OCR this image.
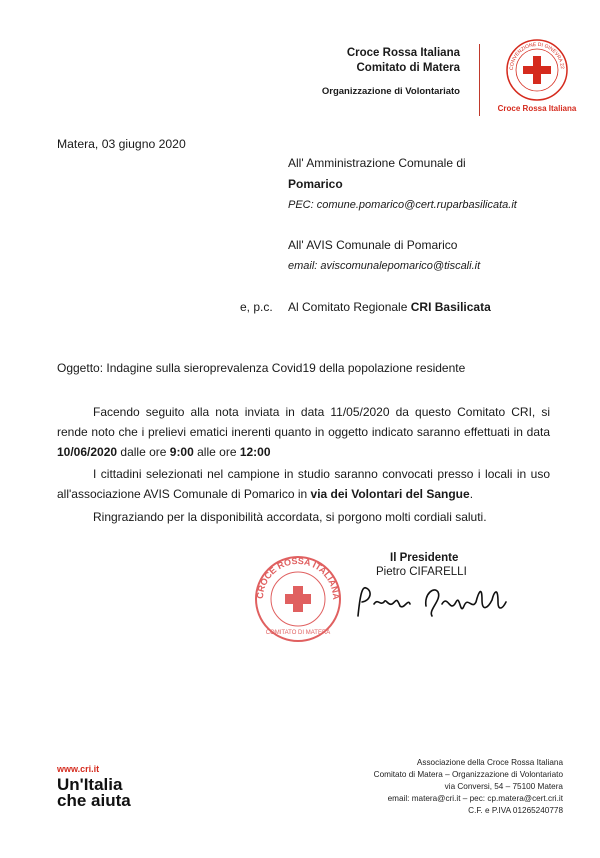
Croce Rossa Italiana
Comitato di Matera
Organizzazione di Volontariato
CONVENZIONE DI GINEVRA 22
Croce Rossa Italiana
Matera, 03 giugno 2020
All' Amministrazione Comunale di
Pomarico
PEC: comune.pomarico@cert.ruparbasilicata.it
All' AVIS Comunale di Pomarico
email: aviscomunalepomarico@tiscali.it
e, p.c. Al Comitato Regionale CRI Basilicata
Oggetto: Indagine sulla sieroprevalenza Covid19 della popolazione residente
Facendo seguito alla nota inviata in data 11/05/2020 da questo Comitato CRI, si rende noto che i prelievi ematici inerenti quanto in oggetto indicato saranno effettuati in data 10/06/2020 dalle ore 9:00 alle ore 12:00
I cittadini selezionati nel campione in studio saranno convocati presso i locali in uso all'associazione AVIS Comunale di Pomarico in via dei Volontari del Sangue.
Ringraziando per la disponibilità accordata, si porgono molti cordiali saluti.
Il Presidente
Pietro CIFARELLI
CROCE ROSSA ITALIANA
COMITATO DI MATERA
www.cri.it
Un'Italia
che aiuta
Associazione della Croce Rossa Italiana
Comitato di Matera – Organizzazione di Volontariato
via Conversi, 54 – 75100 Matera
email: matera@cri.it – pec: cp.matera@cert.cri.it
C.F. e P.IVA 01265240778
